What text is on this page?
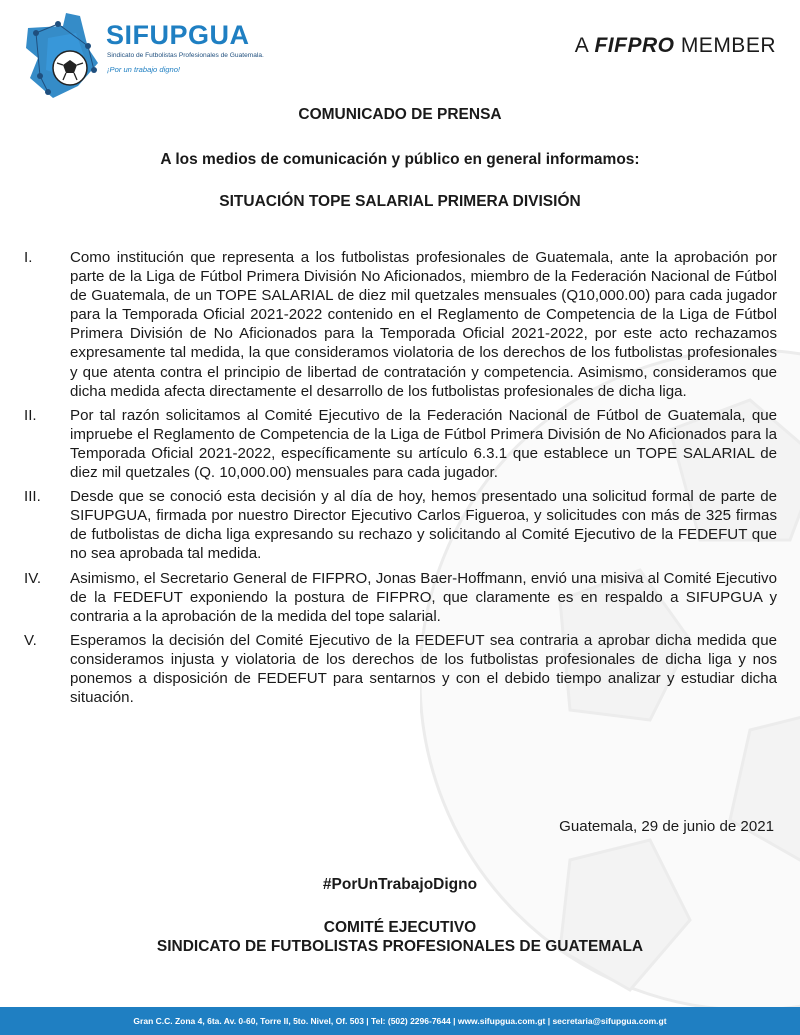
SIFUPGUA
Sindicato de Futbolistas Profesionales de Guatemala.
¡Por un trabajo digno!
A FIFPRO MEMBER
COMUNICADO DE PRENSA
A los medios de comunicación y público en general informamos:
SITUACIÓN TOPE SALARIAL PRIMERA DIVISIÓN
I. Como institución que representa a los futbolistas profesionales de Guatemala, ante la aprobación por parte de la Liga de Fútbol Primera División No Aficionados, miembro de la Federación Nacional de Fútbol de Guatemala, de un TOPE SALARIAL de diez mil quetzales mensuales (Q10,000.00) para cada jugador para la Temporada Oficial 2021-2022 contenido en el Reglamento de Competencia de la Liga de Fútbol Primera División de No Aficionados para la Temporada Oficial 2021-2022, por este acto rechazamos expresamente tal medida, la que consideramos violatoria de los derechos de los futbolistas profesionales y que atenta contra el principio de libertad de contratación y competencia. Asimismo, consideramos que dicha medida afecta directamente el desarrollo de los futbolistas profesionales de dicha liga.
II. Por tal razón solicitamos al Comité Ejecutivo de la Federación Nacional de Fútbol de Guatemala, que impruebe el Reglamento de Competencia de la Liga de Fútbol Primera División de No Aficionados para la Temporada Oficial 2021-2022, específicamente su artículo 6.3.1 que establece un TOPE SALARIAL de diez mil quetzales (Q. 10,000.00) mensuales para cada jugador.
III. Desde que se conoció esta decisión y al día de hoy, hemos presentado una solicitud formal de parte de SIFUPGUA, firmada por nuestro Director Ejecutivo Carlos Figueroa, y solicitudes con más de 325 firmas de futbolistas de dicha liga expresando su rechazo y solicitando al Comité Ejecutivo de la FEDEFUT que no sea aprobada tal medida.
IV. Asimismo, el Secretario General de FIFPRO, Jonas Baer-Hoffmann, envió una misiva al Comité Ejecutivo de la FEDEFUT exponiendo la postura de FIFPRO, que claramente es en respaldo a SIFUPGUA y contraria a la aprobación de la medida del tope salarial.
V. Esperamos la decisión del Comité Ejecutivo de la FEDEFUT sea contraria a aprobar dicha medida que consideramos injusta y violatoria de los derechos de los futbolistas profesionales de dicha liga y nos ponemos a disposición de FEDEFUT para sentarnos y con el debido tiempo analizar y estudiar dicha situación.
Guatemala, 29 de junio de 2021
#PorUnTrabajoDigno
COMITÉ EJECUTIVO
SINDICATO DE FUTBOLISTAS PROFESIONALES DE GUATEMALA
Gran C.C. Zona 4, 6ta. Av. 0-60, Torre II, 5to. Nivel, Of. 503 | Tel: (502) 2296-7644 | www.sifupgua.com.gt | secretaria@sifupgua.com.gt
